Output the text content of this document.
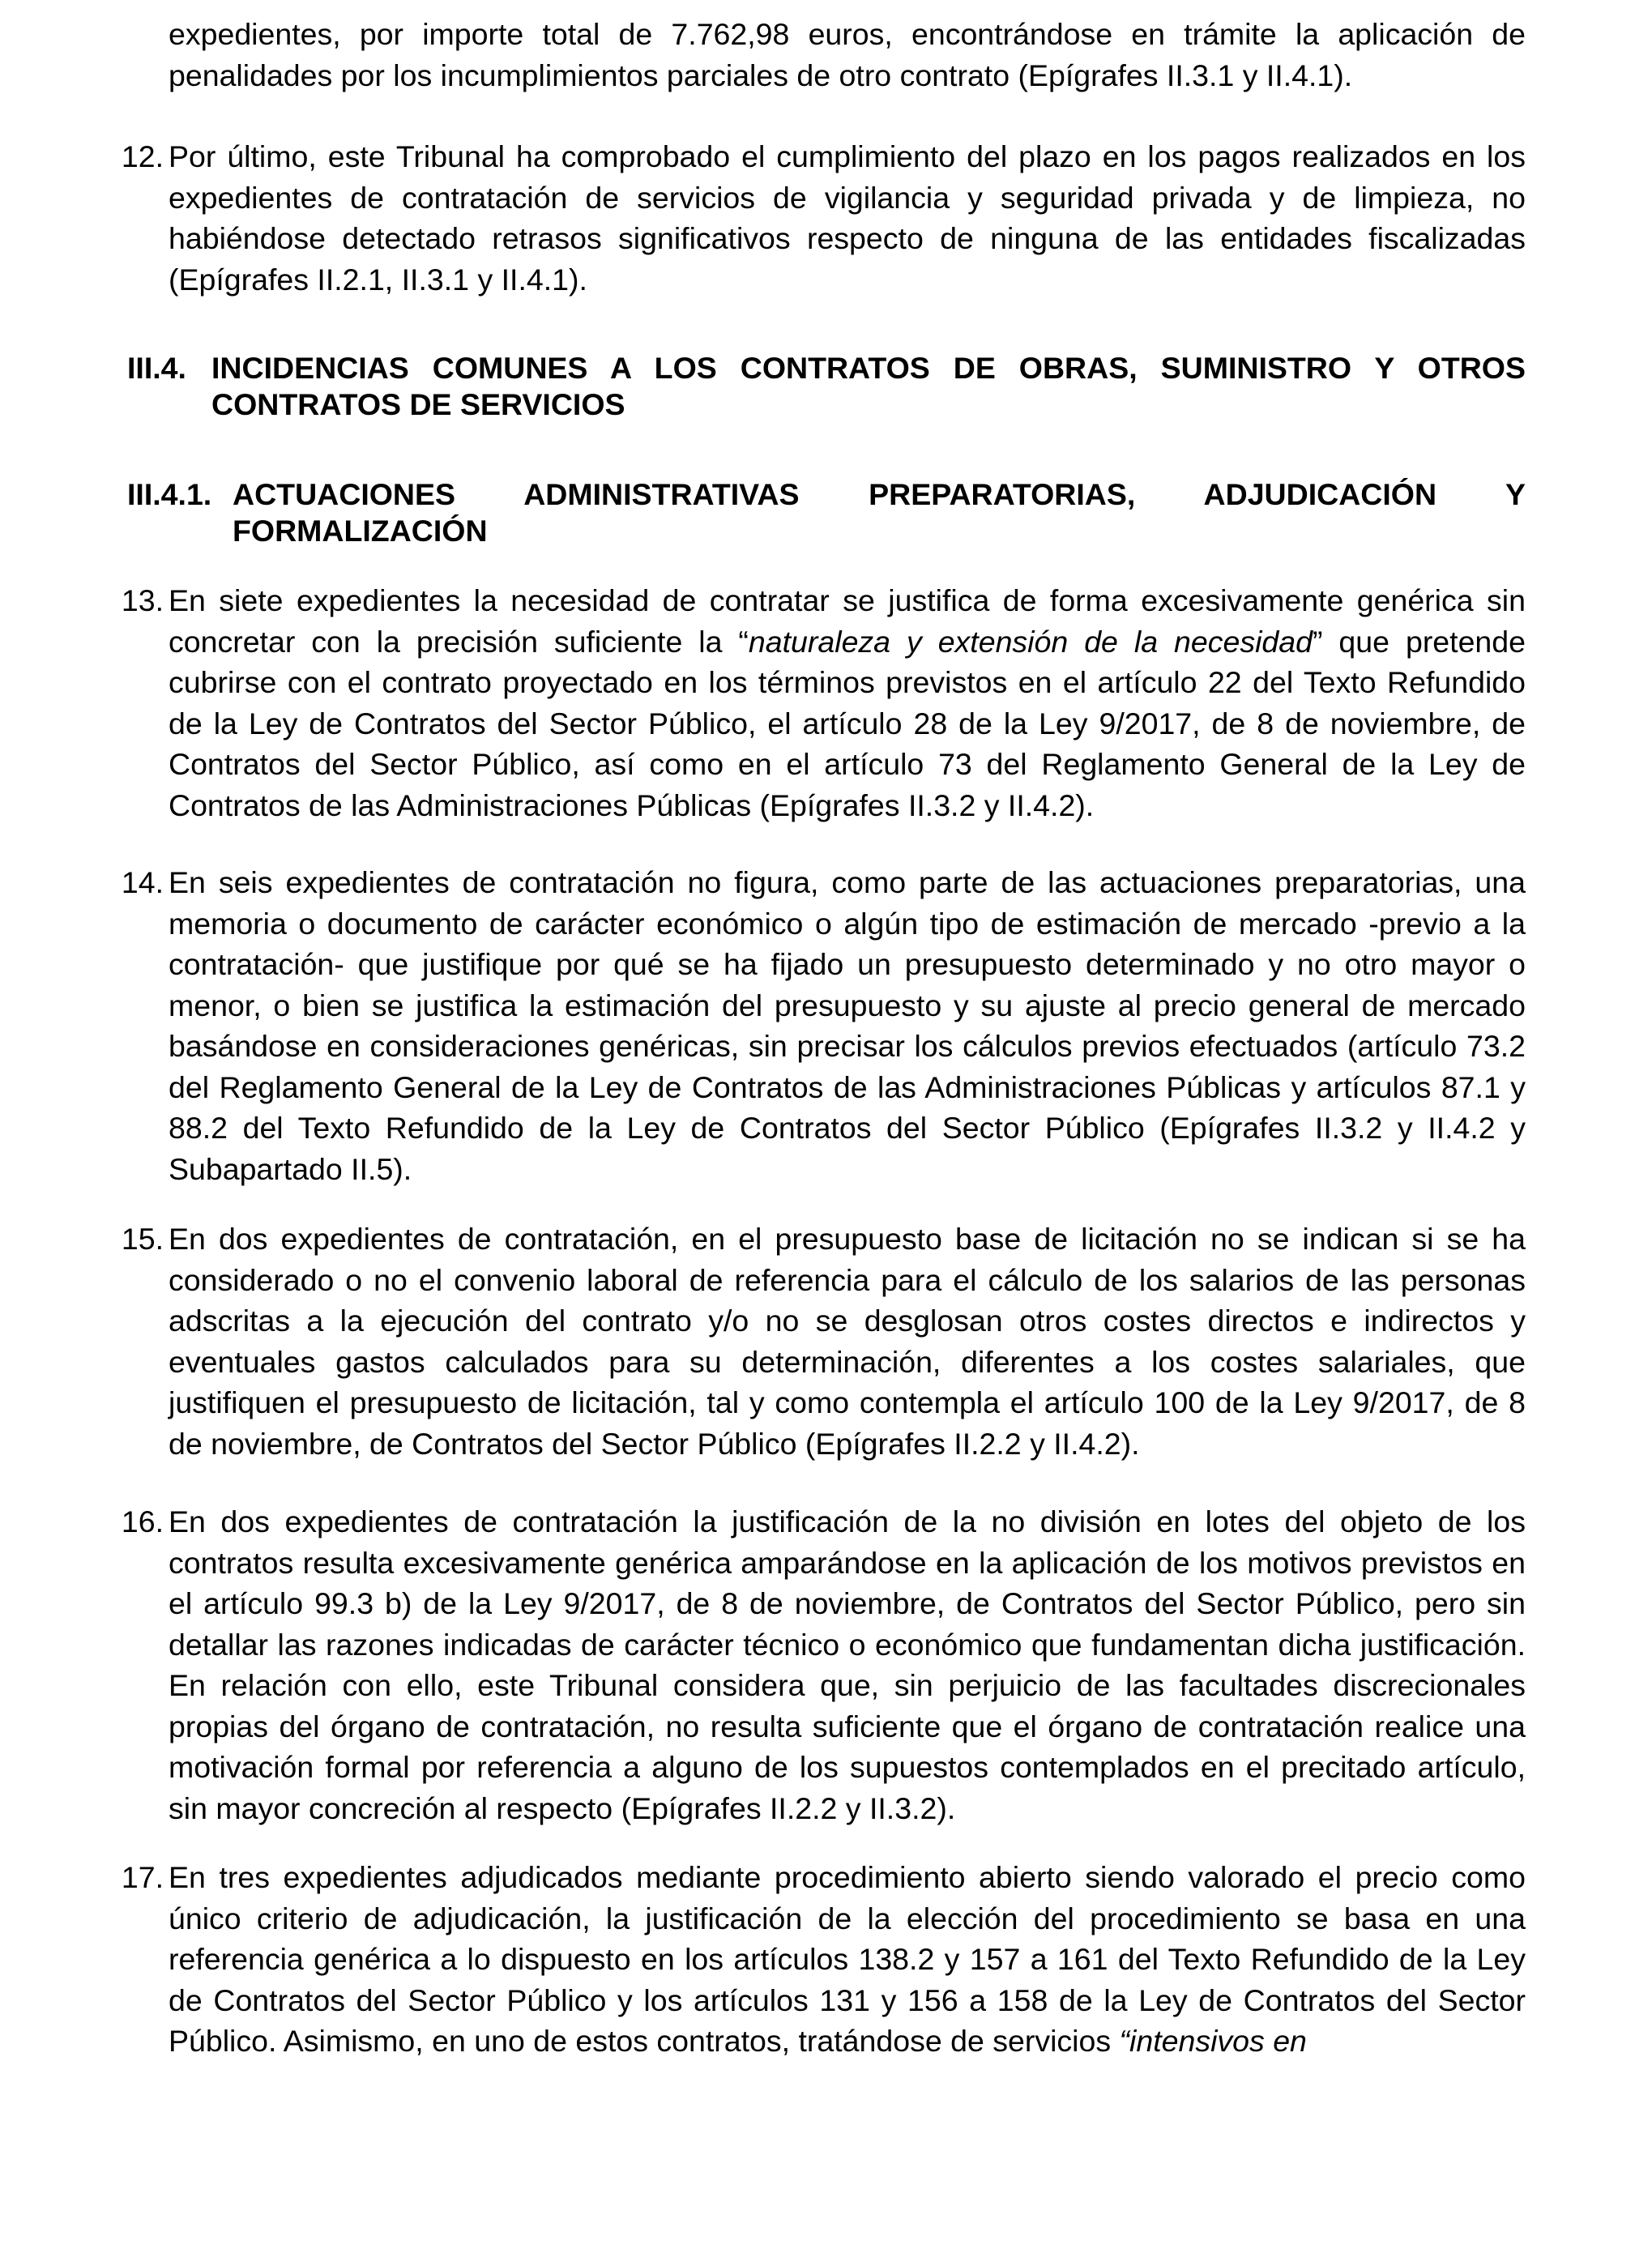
expedientes, por importe total de 7.762,98 euros, encontrándose en trámite la aplicación de penalidades por los incumplimientos parciales de otro contrato (Epígrafes II.3.1 y II.4.1).

12. Por último, este Tribunal ha comprobado el cumplimiento del plazo en los pagos realizados en los expedientes de contratación de servicios de vigilancia y seguridad privada y de limpieza, no habiéndose detectado retrasos significativos respecto de ninguna de las entidades fiscalizadas (Epígrafes II.2.1, II.3.1 y II.4.1).
III.4. INCIDENCIAS COMUNES A LOS CONTRATOS DE OBRAS, SUMINISTRO Y OTROS
CONTRATOS DE SERVICIOS
III.4.1. ACTUACIONES ADMINISTRATIVAS PREPARATORIAS, ADJUDICACIÓN Y
FORMALIZACIÓN
13. En siete expedientes la necesidad de contratar se justifica de forma excesivamente genérica sin concretar con la precisión suficiente la “naturaleza y extensión de la necesidad” que pretende cubrirse con el contrato proyectado en los términos previstos en el artículo 22 del Texto Refundido de la Ley de Contratos del Sector Público, el artículo 28 de la Ley 9/2017, de 8 de noviembre, de Contratos del Sector Público, así como en el artículo 73 del Reglamento General de la Ley de Contratos de las Administraciones Públicas (Epígrafes II.3.2 y II.4.2).
14. En seis expedientes de contratación no figura, como parte de las actuaciones preparatorias, una memoria o documento de carácter económico o algún tipo de estimación de mercado -previo a la contratación- que justifique por qué se ha fijado un presupuesto determinado y no otro mayor o menor, o bien se justifica la estimación del presupuesto y su ajuste al precio general de mercado basándose en consideraciones genéricas, sin precisar los cálculos previos efectuados (artículo 73.2 del Reglamento General de la Ley de Contratos de las Administraciones Públicas y artículos 87.1 y 88.2 del Texto Refundido de la Ley de Contratos del Sector Público (Epígrafes II.3.2 y II.4.2 y Subapartado II.5).
15. En dos expedientes de contratación, en el presupuesto base de licitación no se indican si se ha considerado o no el convenio laboral de referencia para el cálculo de los salarios de las personas adscritas a la ejecución del contrato y/o no se desglosan otros costes directos e indirectos y eventuales gastos calculados para su determinación, diferentes a los costes salariales, que justifiquen el presupuesto de licitación, tal y como contempla el artículo 100 de la Ley 9/2017, de 8 de noviembre, de Contratos del Sector Público (Epígrafes II.2.2 y II.4.2).
16. En dos expedientes de contratación la justificación de la no división en lotes del objeto de los contratos resulta excesivamente genérica amparándose en la aplicación de los motivos previstos en el artículo 99.3 b) de la Ley 9/2017, de 8 de noviembre, de Contratos del Sector Público, pero sin detallar las razones indicadas de carácter técnico o económico que fundamentan dicha justificación. En relación con ello, este Tribunal considera que, sin perjuicio de las facultades discrecionales propias del órgano de contratación, no resulta suficiente que el órgano de contratación realice una motivación formal por referencia a alguno de los supuestos contemplados en el precitado artículo, sin mayor concreción al respecto (Epígrafes II.2.2 y II.3.2).
17. En tres expedientes adjudicados mediante procedimiento abierto siendo valorado el precio como único criterio de adjudicación, la justificación de la elección del procedimiento se basa en una referencia genérica a lo dispuesto en los artículos 138.2 y 157 a 161 del Texto Refundido de la Ley de Contratos del Sector Público y los artículos 131 y 156 a 158 de la Ley de Contratos del Sector Público. Asimismo, en uno de estos contratos, tratándose de servicios “intensivos en
